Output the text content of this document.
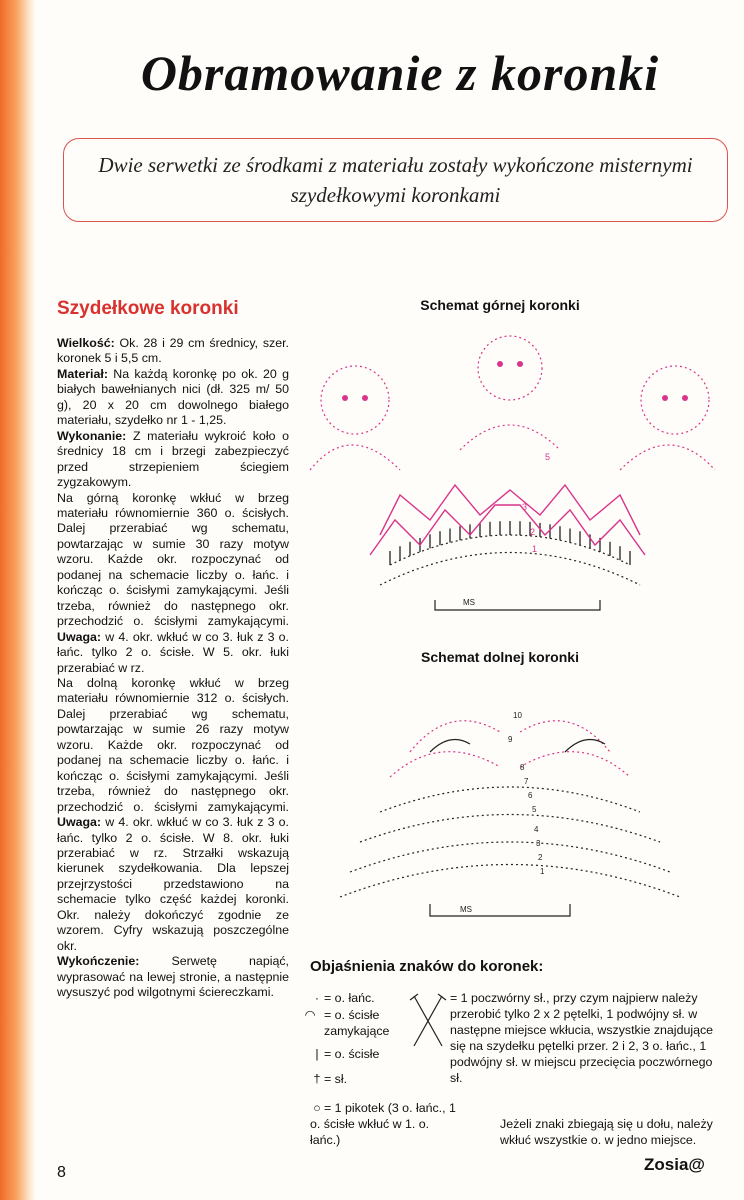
Obramowanie z koronki
Dwie serwetki ze środkami z materiału zostały wykończone misternymi szydełkowymi koronkami
Szydełkowe koronki

Wielkość: Ok. 28 i 29 cm średnicy, szer. koronek 5 i 5,5 cm.

Materiał: Na każdą koronkę po ok. 20 g białych bawełnianych nici (dł. 325 m/ 50 g), 20 x 20 cm dowolnego białego materiału, szydełko nr 1 - 1,25.

Wykonanie: Z materiału wykroić koło o średnicy 18 cm i brzegi zabezpieczyć przed strzepieniem ściegiem zygzakowym.

Na górną koronkę wkłuć w brzeg materiału równomiernie 360 o. ścisłych. Dalej przerabiać wg schematu, powtarzając w sumie 30 razy motyw wzoru. Każde okr. rozpoczynać od podanej na schemacie liczby o. łańc. i kończąc o. ścisłymi zamykającymi. Jeśli trzeba, również do następnego okr. przechodzić o. ścisłymi zamykającymi. Uwaga: w 4. okr. wkłuć w co 3. łuk z 3 o. łańc. tylko 2 o. ścisłe. W 5. okr. łuki przerabiać w rz.

Na dolną koronkę wkłuć w brzeg materiału równomiernie 312 o. ścisłych. Dalej przerabiać wg schematu, powtarzając w sumie 26 razy motyw wzoru. Każde okr. rozpoczynać od podanej na schemacie liczby o. łańc. i kończąc o. ścisłymi zamykającymi. Jeśli trzeba, również do następnego okr. przechodzić o. ścisłymi zamykającymi. Uwaga: w 4. okr. wkłuć w co 3. łuk z 3 o. łańc. tylko 2 o. ścisłe. W 8. okr. łuki przerabiać w rz. Strzałki wskazują kierunek szydełkowania. Dla lepszej przejrzystości przedstawiono na schemacie tylko część każdej koronki. Okr. należy dokończyć zgodnie ze wzorem. Cyfry wskazują poszczególne okr.

Wykończenie: Serwetę napiąć, wyprasować na lewej stronie, a następnie wysuszyć pod wilgotnymi ściereczkami.

Schemat górnej koronki
5
3
2
1
MS
Schemat dolnej koronki
10
9
8
7
6
5
4
3
2
1
MS
Objaśnienia znaków do koronek:
· = o. łańc.
◠ = o. ścisłe zamykające
| = o. ścisłe
† = sł.
○ = 1 pikotek (3 o. łańc., 1 o. ścisłe wkłuć w 1. o. łańc.)
= 1 poczwórny sł., przy czym najpierw należy przerobić tylko 2 x 2 pętelki, 1 podwójny sł. w następne miejsce wkłucia, wszystkie znajdujące się na szydełku pętelki przer. 2 i 2, 3 o. łańc., 1 podwójny sł. w miejscu przecięcia poczwórnego sł.
Jeżeli znaki zbiegają się u dołu, należy wkłuć wszystkie o. w jedno miejsce.
8	Zosia@
